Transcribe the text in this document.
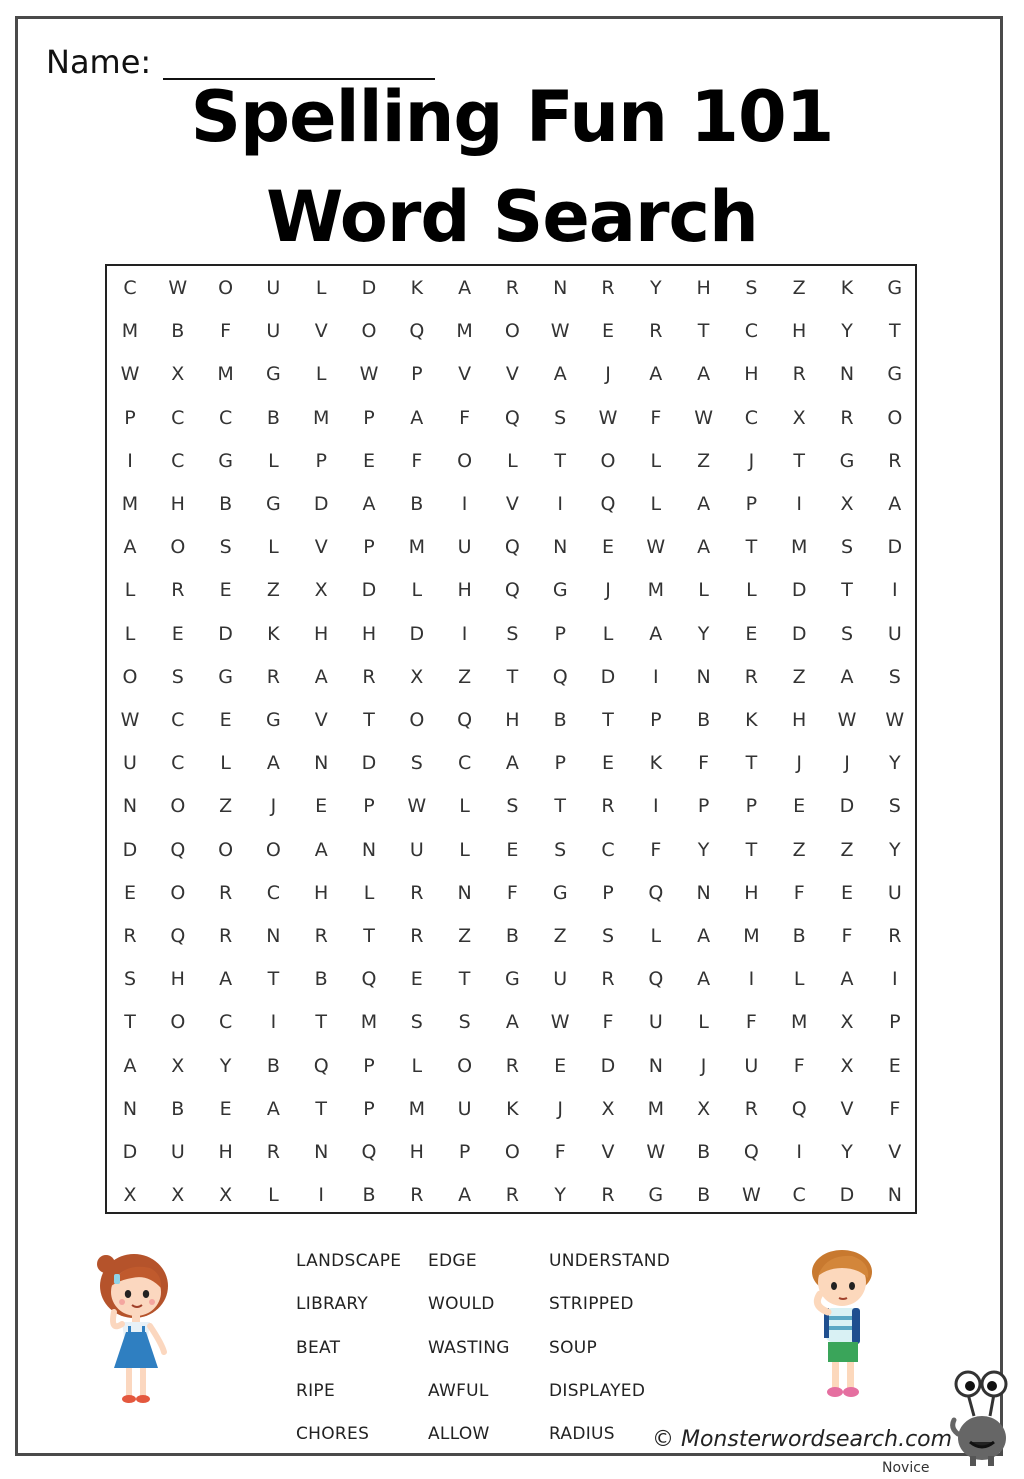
Name:
Spelling Fun 101
Word Search
C	W	O	U	L	D	K	A	R	N	R	Y	H	S	Z	K	G
M	B	F	U	V	O	Q	M	O	W	E	R	T	C	H	Y	T
W	X	M	G	L	W	P	V	V	A	J	A	A	H	R	N	G
P	C	C	B	M	P	A	F	Q	S	W	F	W	C	X	R	O
I	C	G	L	P	E	F	O	L	T	O	L	Z	J	T	G	R
M	H	B	G	D	A	B	I	V	I	Q	L	A	P	I	X	A
A	O	S	L	V	P	M	U	Q	N	E	W	A	T	M	S	D
L	R	E	Z	X	D	L	H	Q	G	J	M	L	L	D	T	I
L	E	D	K	H	H	D	I	S	P	L	A	Y	E	D	S	U
O	S	G	R	A	R	X	Z	T	Q	D	I	N	R	Z	A	S
W	C	E	G	V	T	O	Q	H	B	T	P	B	K	H	W	W
U	C	L	A	N	D	S	C	A	P	E	K	F	T	J	J	Y
N	O	Z	J	E	P	W	L	S	T	R	I	P	P	E	D	S
D	Q	O	O	A	N	U	L	E	S	C	F	Y	T	Z	Z	Y
E	O	R	C	H	L	R	N	F	G	P	Q	N	H	F	E	U
R	Q	R	N	R	T	R	Z	B	Z	S	L	A	M	B	F	R
S	H	A	T	B	Q	E	T	G	U	R	Q	A	I	L	A	I
T	O	C	I	T	M	S	S	A	W	F	U	L	F	M	X	P
A	X	Y	B	Q	P	L	O	R	E	D	N	J	U	F	X	E
N	B	E	A	T	P	M	U	K	J	X	M	X	R	Q	V	F
D	U	H	R	N	Q	H	P	O	F	V	W	B	Q	I	Y	V
X	X	X	L	I	B	R	A	R	Y	R	G	B	W	C	D	N
LANDSCAPE
LIBRARY
BEAT
RIPE
CHORES
EDGE
WOULD
WASTING
AWFUL
ALLOW
UNDERSTAND
STRIPPED
SOUP
DISPLAYED
RADIUS © Monsterwordsearch.com
Novice
